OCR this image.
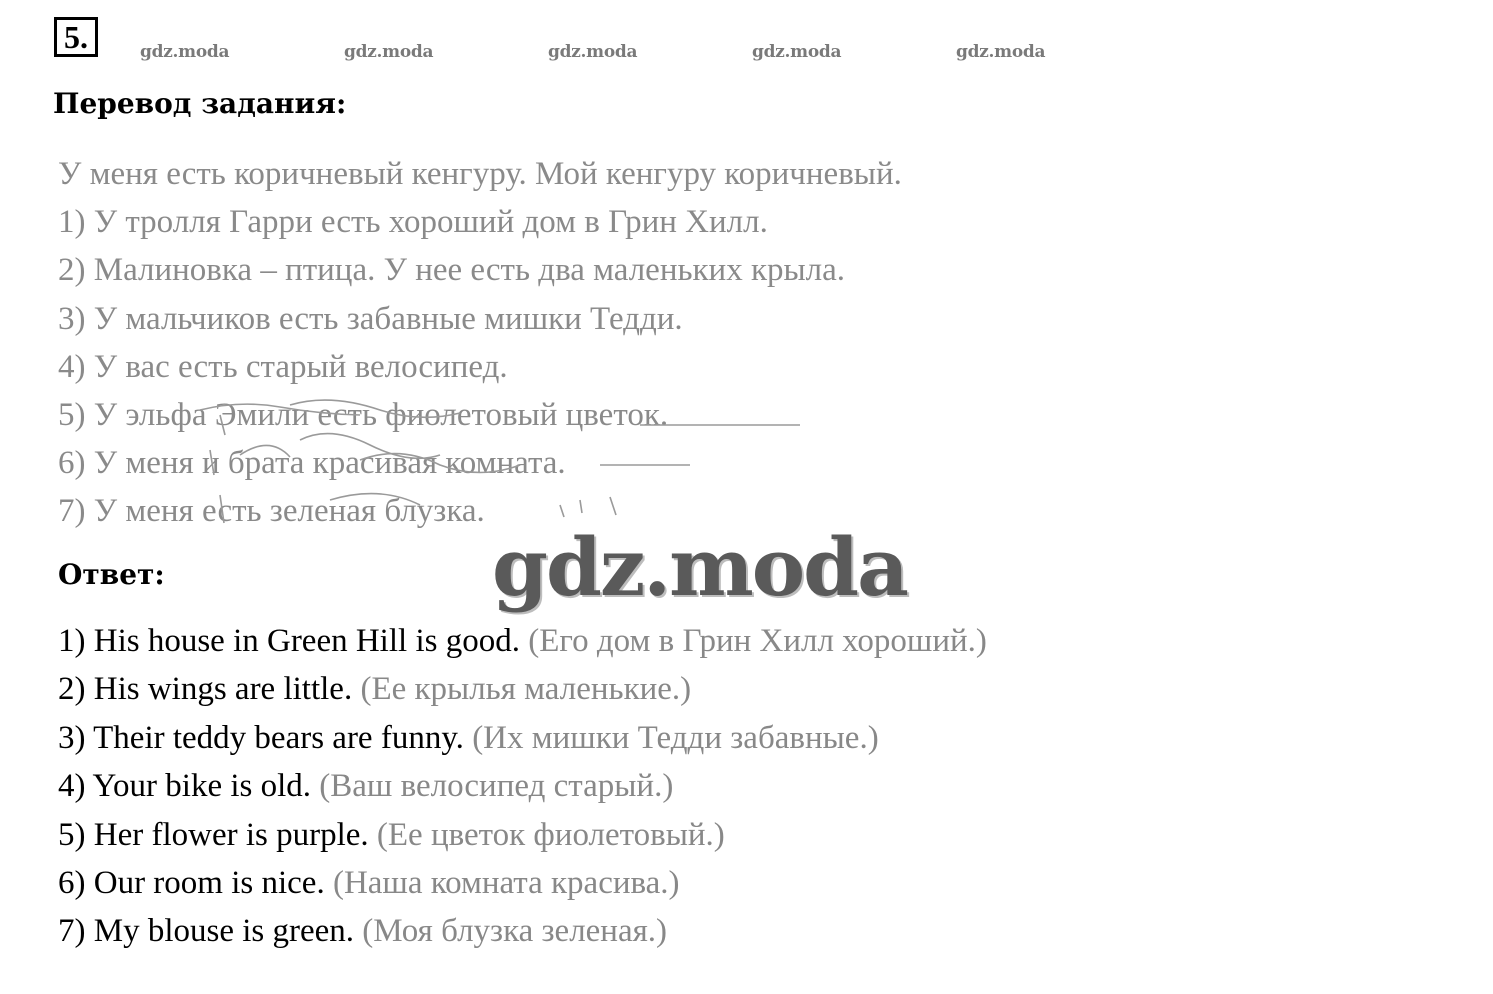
5.	gdz.moda	gdz.moda	gdz.moda	gdz.moda	gdz.moda
Перевод задания:
У меня есть коричневый кенгуру. Мой кенгуру коричневый.
1) У тролля Гарри есть хороший дом в Грин Хилл.
2) Малиновка – птица. У нее есть два маленьких крыла.
3) У мальчиков есть забавные мишки Тедди.
4) У вас есть старый велосипед.
5) У эльфа Эмили есть фиолетовый цветок.
6) У меня и брата красивая комната.
7) У меня есть зеленая блузка.
Ответ:	gdz.moda
1) His house in Green Hill is good. (Его дом в Грин Хилл хороший.)
2) His wings are little. (Ее крылья маленькие.)
3) Their teddy bears are funny. (Их мишки Тедди забавные.)
4) Your bike is old. (Ваш велосипед старый.)
5) Her flower is purple. (Ее цветок фиолетовый.)
6) Our room is nice. (Наша комната красива.)
7) My blouse is green. (Моя блузка зеленая.)
